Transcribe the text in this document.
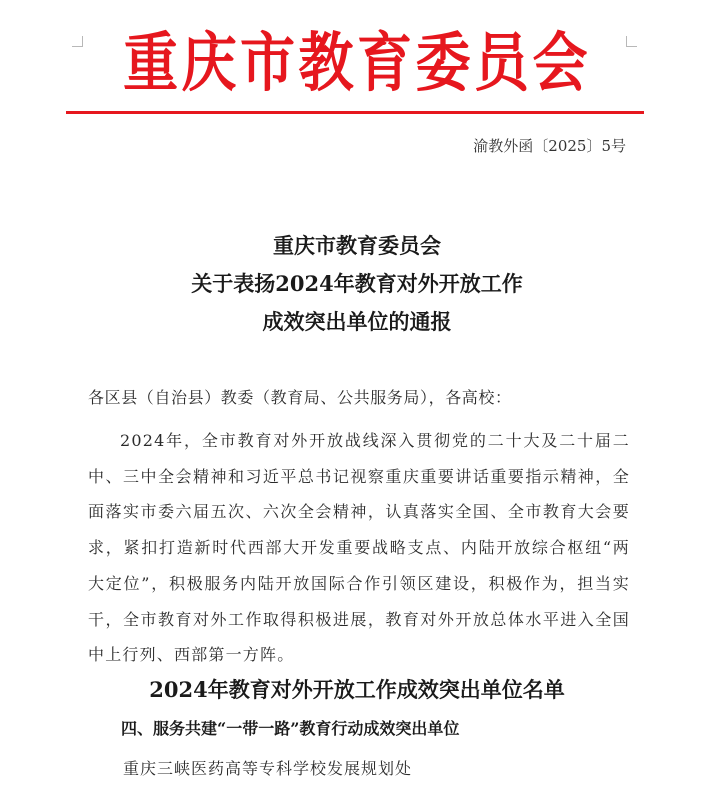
重庆市教育委员会
渝教外函〔2025〕5号
重庆市教育委员会
关于表扬2024年教育对外开放工作
成效突出单位的通报
各区县（自治县）教委（教育局、公共服务局），各高校：
2024年，全市教育对外开放战线深入贯彻党的二十大及二十届二中、三中全会精神和习近平总书记视察重庆重要讲话重要指示精神，全面落实市委六届五次、六次全会精神，认真落实全国、全市教育大会要求，紧扣打造新时代西部大开发重要战略支点、内陆开放综合枢纽“两大定位”，积极服务内陆开放国际合作引领区建设，积极作为，担当实干，全市教育对外工作取得积极进展，教育对外开放总体水平进入全国中上行列、西部第一方阵。
2024年教育对外开放工作成效突出单位名单
四、服务共建“一带一路”教育行动成效突出单位
重庆三峡医药高等专科学校发展规划处
